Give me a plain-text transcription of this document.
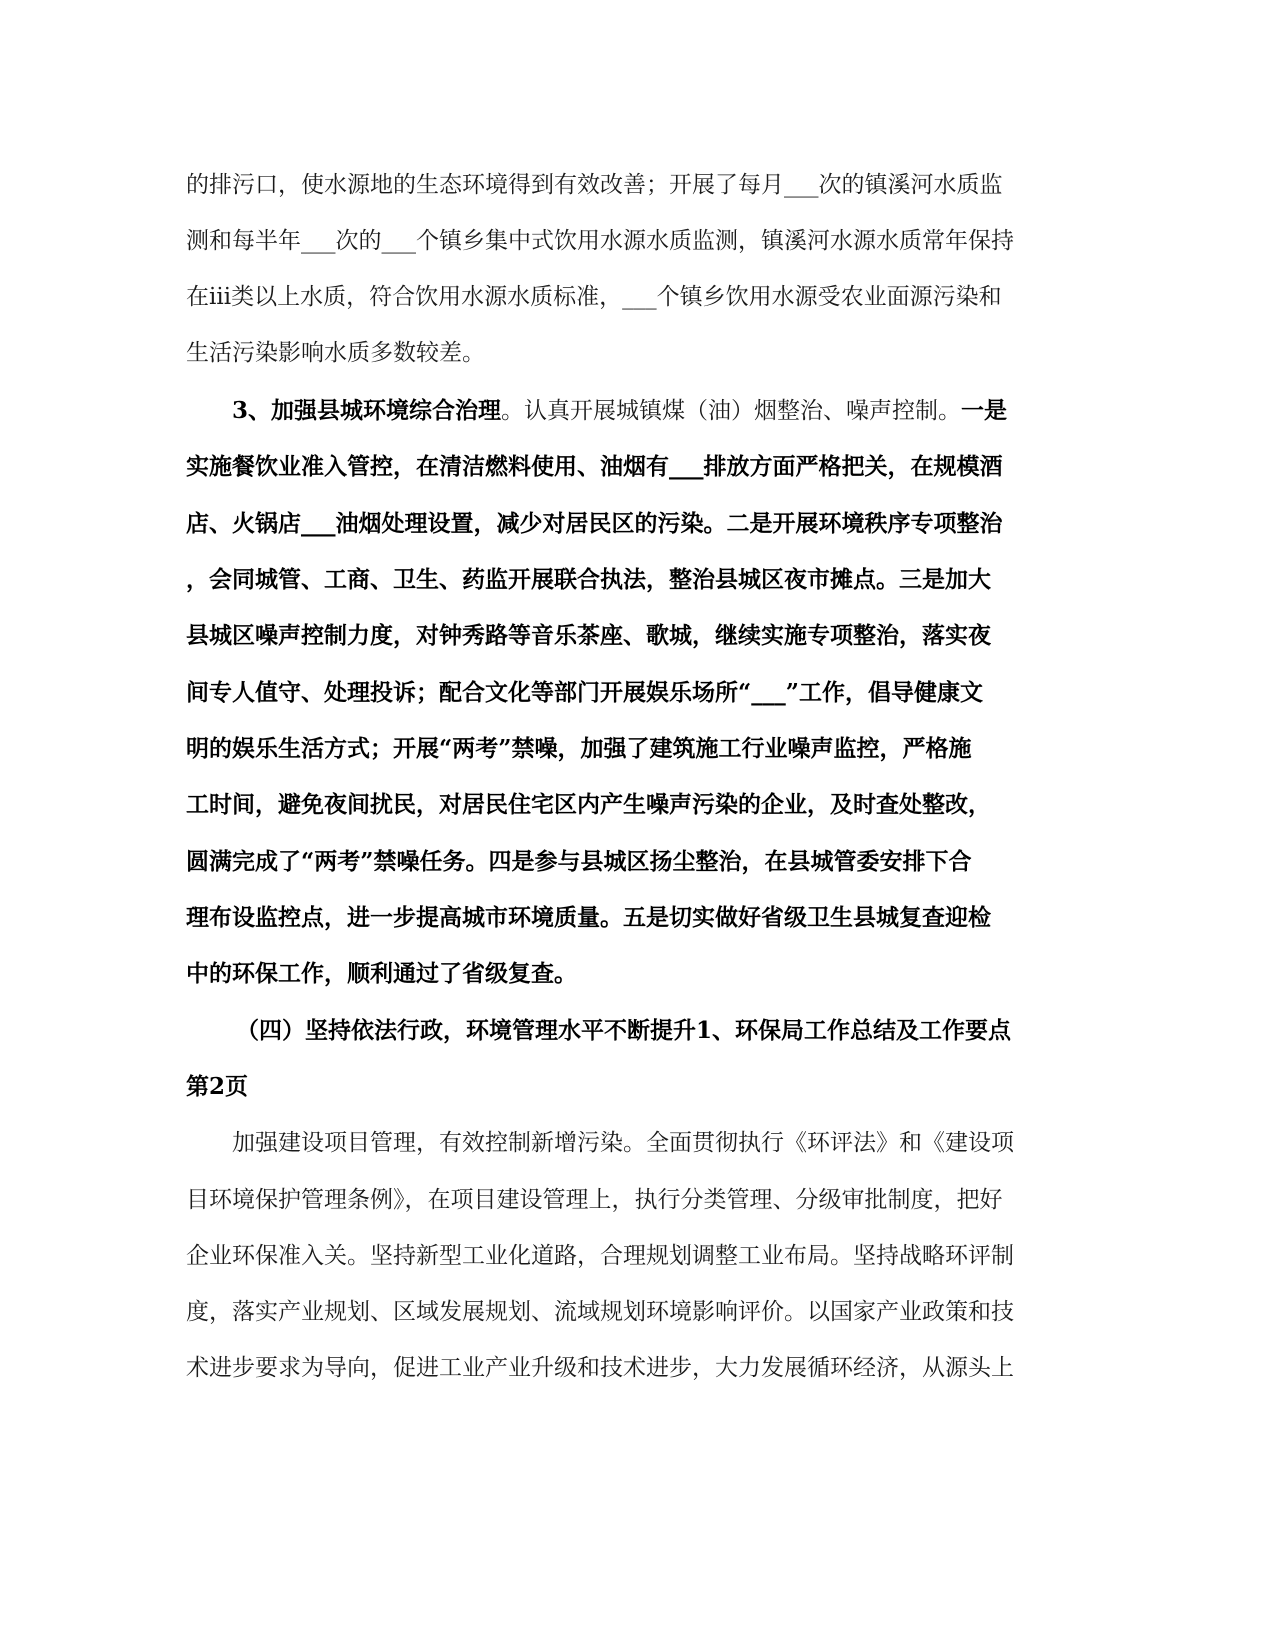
的排污口，使水源地的生态环境得到有效改善；开展了每月___次的镇溪河水质监
测和每半年___次的___个镇乡集中式饮用水源水质监测，镇溪河水源水质常年保持
在iii类以上水质，符合饮用水源水质标准，___个镇乡饮用水源受农业面源污染和
生活污染影响水质多数较差。
3、加强县城环境综合治理。认真开展城镇煤（油）烟整治、噪声控制。一是
实施餐饮业准入管控，在清洁燃料使用、油烟有___排放方面严格把关，在规模酒
店、火锅店___油烟处理设置，减少对居民区的污染。二是开展环境秩序专项整治
，会同城管、工商、卫生、药监开展联合执法，整治县城区夜市摊点。三是加大
县城区噪声控制力度，对钟秀路等音乐茶座、歌城，继续实施专项整治，落实夜
间专人值守、处理投诉；配合文化等部门开展娱乐场所“___”工作，倡导健康文
明的娱乐生活方式；开展“两考”禁噪，加强了建筑施工行业噪声监控，严格施
工时间，避免夜间扰民，对居民住宅区内产生噪声污染的企业，及时查处整改，
圆满完成了“两考”禁噪任务。四是参与县城区扬尘整治，在县城管委安排下合
理布设监控点，进一步提高城市环境质量。五是切实做好省级卫生县城复查迎检
中的环保工作，顺利通过了省级复查。
（四）坚持依法行政，环境管理水平不断提升1、环保局工作总结及工作要点
第2页
加强建设项目管理，有效控制新增污染。全面贯彻执行《环评法》和《建设项
目环境保护管理条例》，在项目建设管理上，执行分类管理、分级审批制度，把好
企业环保准入关。坚持新型工业化道路，合理规划调整工业布局。坚持战略环评制
度，落实产业规划、区域发展规划、流域规划环境影响评价。以国家产业政策和技
术进步要求为导向，促进工业产业升级和技术进步，大力发展循环经济，从源头上
